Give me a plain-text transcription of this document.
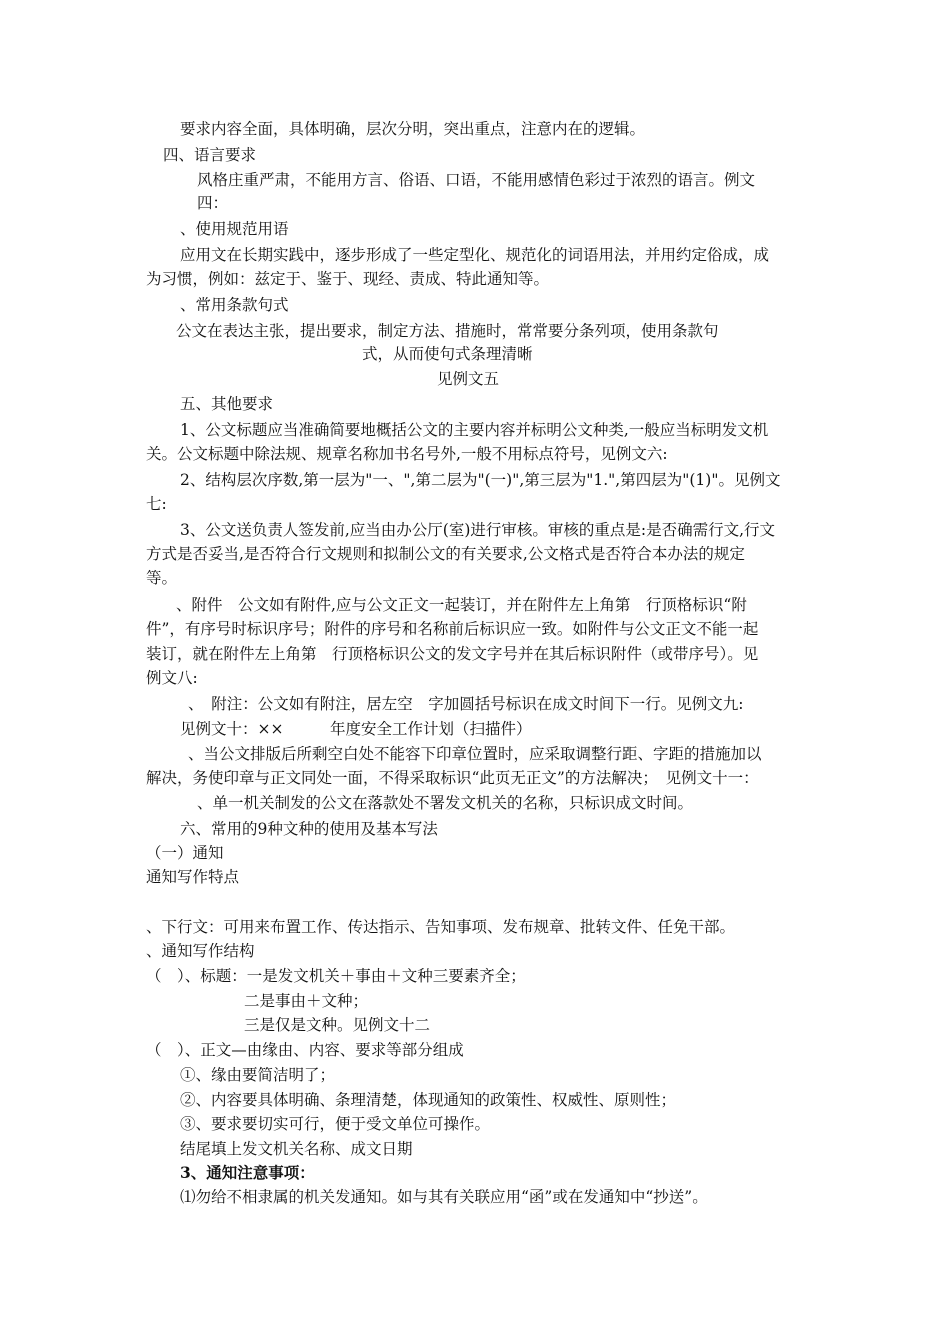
要求内容全面，具体明确，层次分明，突出重点，注意内在的逻辑。
四、语言要求
风格庄重严肃，不能用方言、俗语、口语，不能用感情色彩过于浓烈的语言。例文
四：
、使用规范用语
应用文在长期实践中，逐步形成了一些定型化、规范化的词语用法，并用约定俗成，成
为习惯，例如：兹定于、鉴于、现经、责成、特此通知等。
、常用条款句式
公文在表达主张，提出要求，制定方法、措施时，常常要分条列项，使用条款句
式，从而使句式条理清晰
见例文五
五、其他要求
1、公文标题应当准确简要地概括公文的主要内容并标明公文种类,一般应当标明发文机
关。公文标题中除法规、规章名称加书名号外,一般不用标点符号，见例文六:
2、结构层次序数,第一层为"一、",第二层为"(一)",第三层为"1.",第四层为"(1)"。见例文
七:
3、公文送负责人签发前,应当由办公厅(室)进行审核。审核的重点是:是否确需行文,行文
方式是否妥当,是否符合行文规则和拟制公文的有关要求,公文格式是否符合本办法的规定
等。
、附件　公文如有附件,应与公文正文一起装订，并在附件左上角第　行顶格标识“附
件”，有序号时标识序号；附件的序号和名称前后标识应一致。如附件与公文正文不能一起
装订，就在附件左上角第　行顶格标识公文的发文字号并在其后标识附件（或带序号）。见
例文八:
、　附注：公文如有附注，居左空　字加圆括号标识在成文时间下一行。见例文九:
见例文十：××　　　年度安全工作计划（扫描件）
、当公文排版后所剩空白处不能容下印章位置时，应采取调整行距、字距的措施加以
解决，务使印章与正文同处一面，不得采取标识“此页无正文”的方法解决；　见例文十一：
、单一机关制发的公文在落款处不署发文机关的名称，只标识成文时间。
六、常用的9种文种的使用及基本写法
（一）通知
通知写作特点
、下行文：可用来布置工作、传达指示、告知事项、发布规章、批转文件、任免干部。
、通知写作结构
（　）、标题：一是发文机关＋事由＋文种三要素齐全；
二是事由＋文种；
三是仅是文种。见例文十二
（　）、正文—由缘由、内容、要求等部分组成
①、缘由要简洁明了；
②、内容要具体明确、条理清楚，体现通知的政策性、权威性、原则性；
③、要求要切实可行，便于受文单位可操作。
结尾填上发文机关名称、成文日期
3、通知注意事项：
⑴勿给不相隶属的机关发通知。如与其有关联应用“函”或在发通知中“抄送”。
